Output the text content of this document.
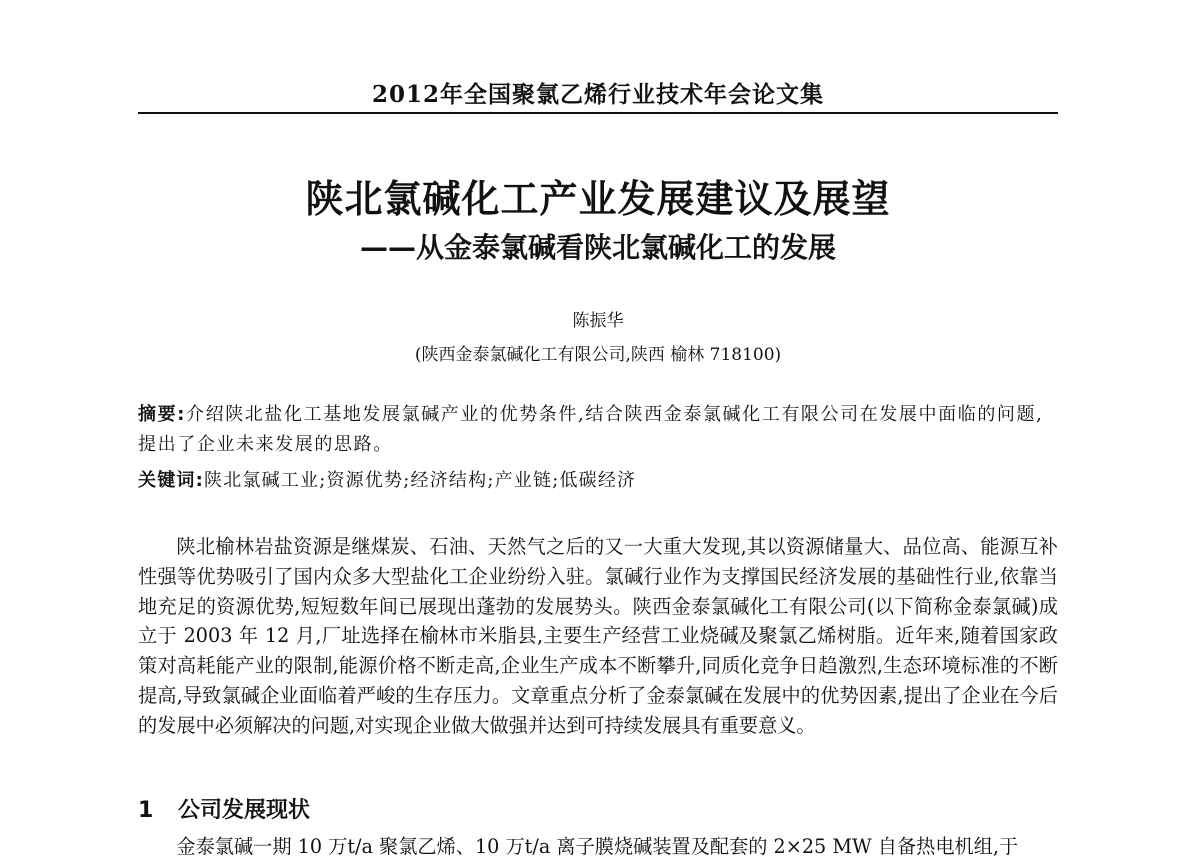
2012年全国聚氯乙烯行业技术年会论文集
陕北氯碱化工产业发展建议及展望
——从金泰氯碱看陕北氯碱化工的发展
陈振华
(陕西金泰氯碱化工有限公司,陕西 榆林 718100)
摘要:介绍陕北盐化工基地发展氯碱产业的优势条件,结合陕西金泰氯碱化工有限公司在发展中面临的问题,提出了企业未来发展的思路。
关键词:陕北氯碱工业;资源优势;经济结构;产业链;低碳经济

陕北榆林岩盐资源是继煤炭、石油、天然气之后的又一大重大发现,其以资源储量大、品位高、能源互补性强等优势吸引了国内众多大型盐化工企业纷纷入驻。氯碱行业作为支撑国民经济发展的基础性行业,依靠当地充足的资源优势,短短数年间已展现出蓬勃的发展势头。陕西金泰氯碱化工有限公司(以下简称金泰氯碱)成立于 2003 年 12 月,厂址选择在榆林市米脂县,主要生产经营工业烧碱及聚氯乙烯树脂。近年来,随着国家政策对高耗能产业的限制,能源价格不断走高,企业生产成本不断攀升,同质化竞争日趋激烈,生态环境标准的不断提高,导致氯碱企业面临着严峻的生存压力。文章重点分析了金泰氯碱在发展中的优势因素,提出了企业在今后的发展中必须解决的问题,对实现企业做大做强并达到可持续发展具有重要意义。

1 公司发展现状

金泰氯碱一期 10 万t/a 聚氯乙烯、10 万t/a 离子膜烧碱装置及配套的 2×25 MW 自备热电机组,于
